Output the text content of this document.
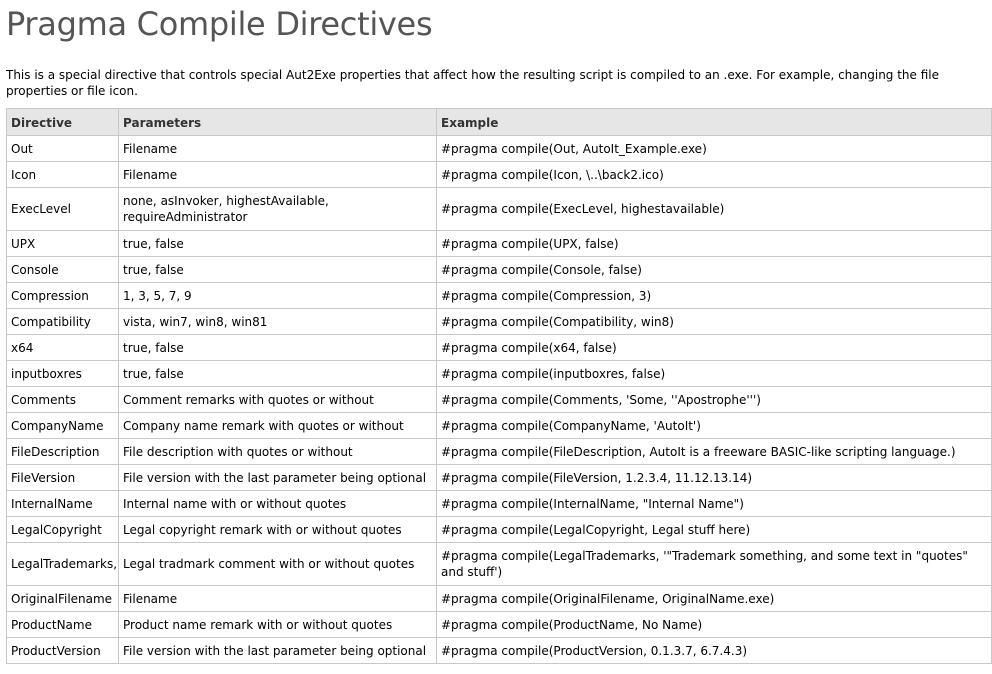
Pragma Compile Directives

This is a special directive that controls special Aut2Exe properties that affect how the resulting script is compiled to an .exe. For example, changing the file properties or file icon.

Directive	Parameters	Example
Out	Filename	#pragma compile(Out, AutoIt_Example.exe)
Icon	Filename	#pragma compile(Icon, \..\back2.ico)
ExecLevel	none, asInvoker, highestAvailable, requireAdministrator	#pragma compile(ExecLevel, highestavailable)
UPX	true, false	#pragma compile(UPX, false)
Console	true, false	#pragma compile(Console, false)
Compression	1, 3, 5, 7, 9	#pragma compile(Compression, 3)
Compatibility	vista, win7, win8, win81	#pragma compile(Compatibility, win8)
x64	true, false	#pragma compile(x64, false)
inputboxres	true, false	#pragma compile(inputboxres, false)
Comments	Comment remarks with quotes or without	#pragma compile(Comments, 'Some, ''Apostrophe''')
CompanyName	Company name remark with quotes or without	#pragma compile(CompanyName, 'AutoIt')
FileDescription	File description with quotes or without	#pragma compile(FileDescription, AutoIt is a freeware BASIC-like scripting language.)
FileVersion	File version with the last parameter being optional	#pragma compile(FileVersion, 1.2.3.4, 11.12.13.14)
InternalName	Internal name with or without quotes	#pragma compile(InternalName, "Internal Name")
LegalCopyright	Legal copyright remark with or without quotes	#pragma compile(LegalCopyright, Legal stuff here)
LegalTrademarks,	Legal tradmark comment with or without quotes	#pragma compile(LegalTrademarks, '"Trademark something, and some text in "quotes" and stuff')

OriginalFilename	Filename	#pragma compile(OriginalFilename, OriginalName.exe)
ProductName	Product name remark with or without quotes	#pragma compile(ProductName, No Name)
ProductVersion	File version with the last parameter being optional	#pragma compile(ProductVersion, 0.1.3.7, 6.7.4.3)
